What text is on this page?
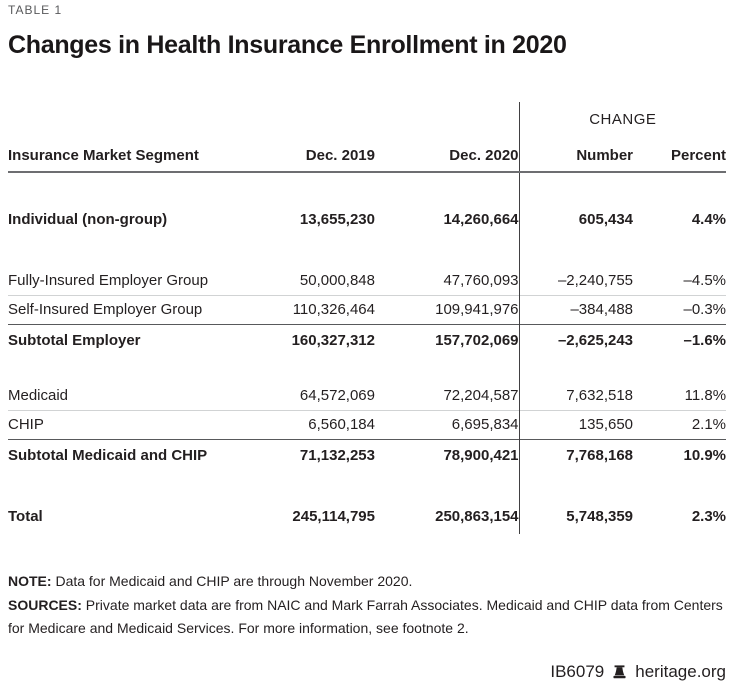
TABLE 1
Changes in Health Insurance Enrollment in 2020
			CHANGE	
Insurance Market Segment	Dec. 2019	Dec. 2020	Number	Percent

Individual (non-group)	13,655,230	14,260,664	605,434	4.4%

Fully-Insured Employer Group	50,000,848	47,760,093	–2,240,755	–4.5%
Self-Insured Employer Group	110,326,464	109,941,976	–384,488	–0.3%
Subtotal Employer	160,327,312	157,702,069	–2,625,243	–1.6%

Medicaid	64,572,069	72,204,587	7,632,518	11.8%
CHIP	6,560,184	6,695,834	135,650	2.1%
Subtotal Medicaid and CHIP	71,132,253	78,900,421	7,768,168	10.9%

Total	245,114,795	250,863,154	5,748,359	2.3%
NOTE: Data for Medicaid and CHIP are through November 2020.
SOURCES: Private market data are from NAIC and Mark Farrah Associates. Medicaid and CHIP data from Centers for Medicare and Medicaid Services. For more information, see footnote 2.
IB6079 heritage.org
